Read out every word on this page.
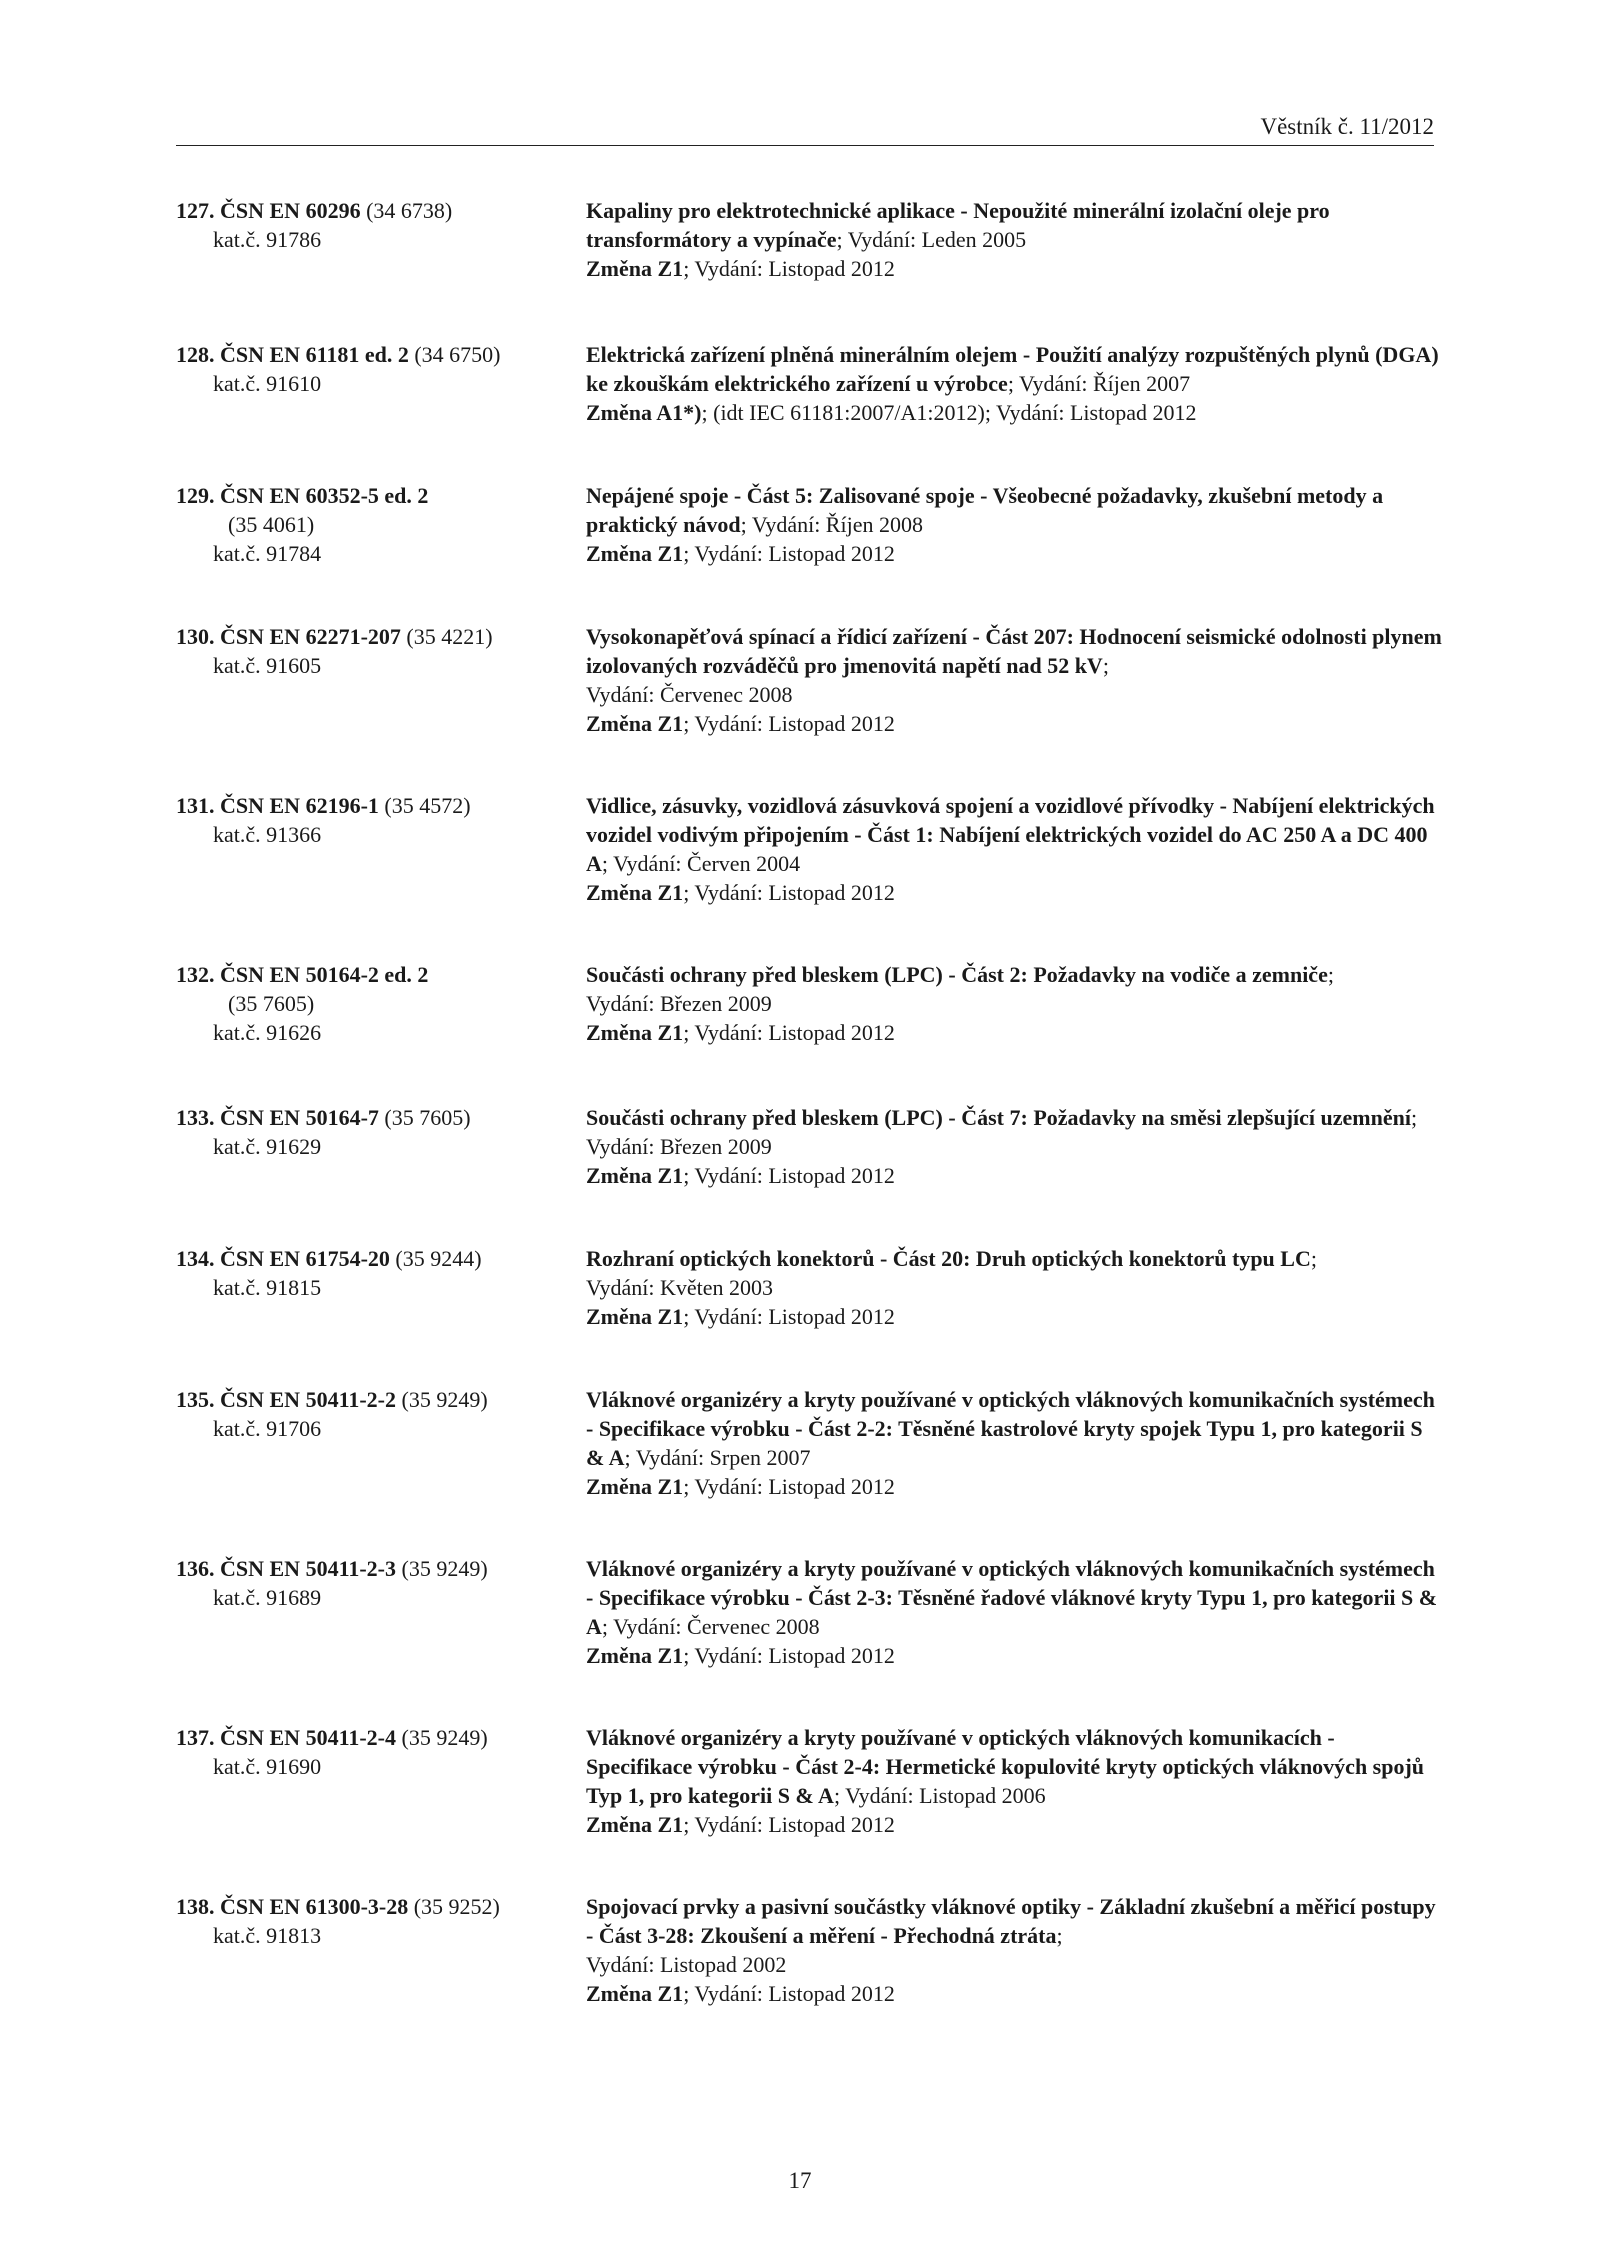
Věstník č. 11/2012
127. ČSN EN 60296 (34 6738)
kat.č. 91786

Kapaliny pro elektrotechnické aplikace - Nepoužité minerální izolační oleje pro transformátory a vypínače; Vydání: Leden 2005

Změna Z1; Vydání: Listopad 2012

128. ČSN EN 61181 ed. 2 (34 6750)
kat.č. 91610

Elektrická zařízení plněná minerálním olejem - Použití analýzy rozpuštěných plynů (DGA) ke zkouškám elektrického zařízení u výrobce; Vydání: Říjen 2007

Změna A1*); (idt IEC 61181:2007/A1:2012); Vydání: Listopad 2012

129. ČSN EN 60352-5 ed. 2
(35 4061)
kat.č. 91784

Nepájené spoje - Část 5: Zalisované spoje - Všeobecné požadavky, zkušební metody a praktický návod; Vydání: Říjen 2008

Změna Z1; Vydání: Listopad 2012

130. ČSN EN 62271-207 (35 4221)
kat.č. 91605

Vysokonapěťová spínací a řídicí zařízení - Část 207: Hodnocení seismické odolnosti plynem izolovaných rozváděčů pro jmenovitá napětí nad 52 kV;

Vydání: Červenec 2008

Změna Z1; Vydání: Listopad 2012

131. ČSN EN 62196-1 (35 4572)
kat.č. 91366

Vidlice, zásuvky, vozidlová zásuvková spojení a vozidlové přívodky - Nabíjení elektrických vozidel vodivým připojením - Část 1: Nabíjení elektrických vozidel do AC 250 A a DC 400 A; Vydání: Červen 2004

Změna Z1; Vydání: Listopad 2012

132. ČSN EN 50164-2 ed. 2
(35 7605)
kat.č. 91626

Součásti ochrany před bleskem (LPC) - Část 2: Požadavky na vodiče a zemniče;

Vydání: Březen 2009

Změna Z1; Vydání: Listopad 2012

133. ČSN EN 50164-7 (35 7605)
kat.č. 91629

Součásti ochrany před bleskem (LPC) - Část 7: Požadavky na směsi zlepšující uzemnění; Vydání: Březen 2009

Změna Z1; Vydání: Listopad 2012

134. ČSN EN 61754-20 (35 9244)
kat.č. 91815

Rozhraní optických konektorů - Část 20: Druh optických konektorů typu LC;

Vydání: Květen 2003

Změna Z1; Vydání: Listopad 2012

135. ČSN EN 50411-2-2 (35 9249)
kat.č. 91706

Vláknové organizéry a kryty používané v optických vláknových komunikačních systémech - Specifikace výrobku - Část 2-2: Těsněné kastrolové kryty spojek Typu 1, pro kategorii S & A; Vydání: Srpen 2007

Změna Z1; Vydání: Listopad 2012

136. ČSN EN 50411-2-3 (35 9249)
kat.č. 91689

Vláknové organizéry a kryty používané v optických vláknových komunikačních systémech - Specifikace výrobku - Část 2-3: Těsněné řadové vláknové kryty Typu 1, pro kategorii S & A; Vydání: Červenec 2008

Změna Z1; Vydání: Listopad 2012

137. ČSN EN 50411-2-4 (35 9249)
kat.č. 91690

Vláknové organizéry a kryty používané v optických vláknových komunikacích - Specifikace výrobku - Část 2-4: Hermetické kopulovité kryty optických vláknových spojů Typ 1, pro kategorii S & A; Vydání: Listopad 2006

Změna Z1; Vydání: Listopad 2012

138. ČSN EN 61300-3-28 (35 9252)
kat.č. 91813

Spojovací prvky a pasivní součástky vláknové optiky - Základní zkušební a měřicí postupy - Část 3-28: Zkoušení a měření - Přechodná ztráta;

Vydání: Listopad 2002

Změna Z1; Vydání: Listopad 2012

17
